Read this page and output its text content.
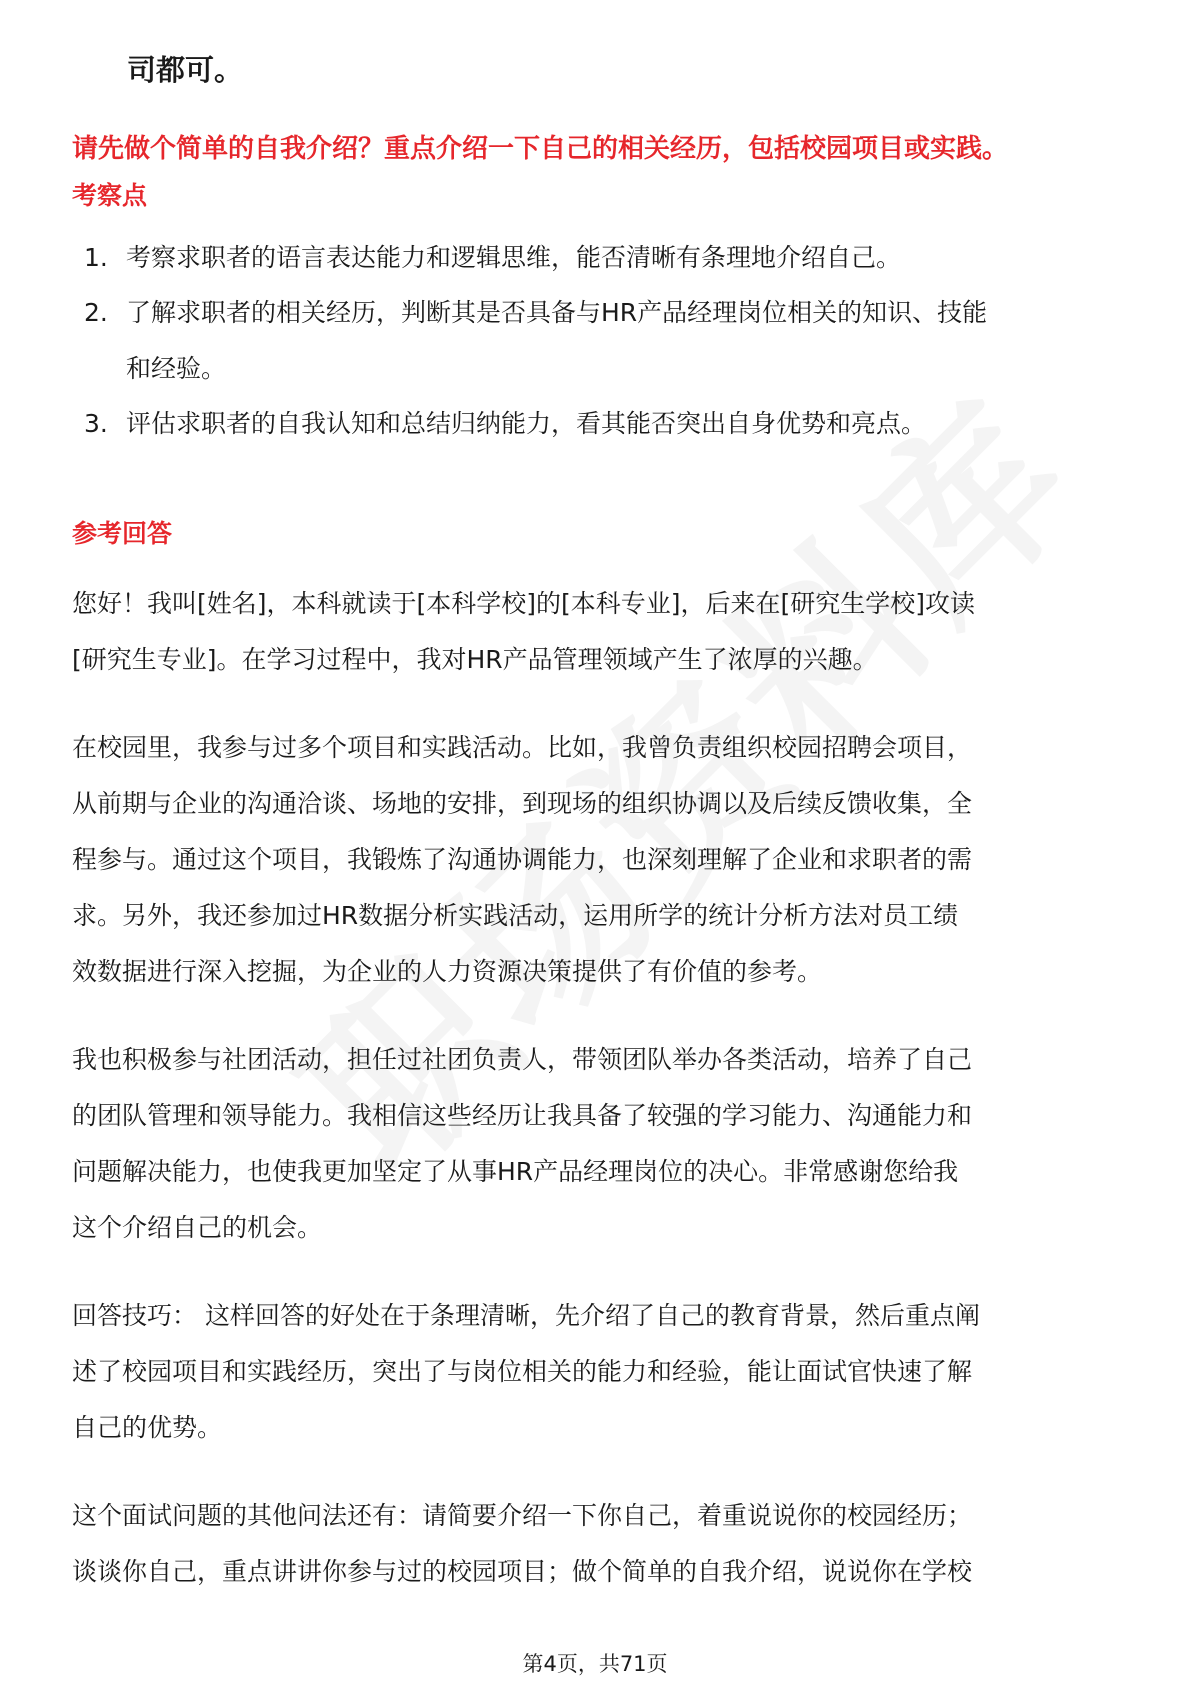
司都可。

请先做个简单的自我介绍？重点介绍一下自己的相关经历，包括校园项目或实践。

考察点

1. 考察求职者的语言表达能力和逻辑思维，能否清晰有条理地介绍自己。
2. 了解求职者的相关经历，判断其是否具备与HR产品经理岗位相关的知识、技能
和经验。
3. 评估求职者的自我认知和总结归纳能力，看其能否突出自身优势和亮点。

参考回答

您好！我叫[姓名]，本科就读于[本科学校]的[本科专业]，后来在[研究生学校]攻读

[研究生专业]。在学习过程中，我对HR产品管理领域产生了浓厚的兴趣。

在校园里，我参与过多个项目和实践活动。比如，我曾负责组织校园招聘会项目，

从前期与企业的沟通洽谈、场地的安排，到现场的组织协调以及后续反馈收集，全

程参与。通过这个项目，我锻炼了沟通协调能力，也深刻理解了企业和求职者的需

求。另外，我还参加过HR数据分析实践活动，运用所学的统计分析方法对员工绩

效数据进行深入挖掘，为企业的人力资源决策提供了有价值的参考。

我也积极参与社团活动，担任过社团负责人，带领团队举办各类活动，培养了自己

的团队管理和领导能力。我相信这些经历让我具备了较强的学习能力、沟通能力和

问题解决能力，也使我更加坚定了从事HR产品经理岗位的决心。非常感谢您给我

这个介绍自己的机会。

回答技巧： 这样回答的好处在于条理清晰，先介绍了自己的教育背景，然后重点阐

述了校园项目和实践经历，突出了与岗位相关的能力和经验，能让面试官快速了解

自己的优势。

这个面试问题的其他问法还有：请简要介绍一下你自己，着重说说你的校园经历；

谈谈你自己，重点讲讲你参与过的校园项目；做个简单的自我介绍，说说你在学校

第4页，共71页
